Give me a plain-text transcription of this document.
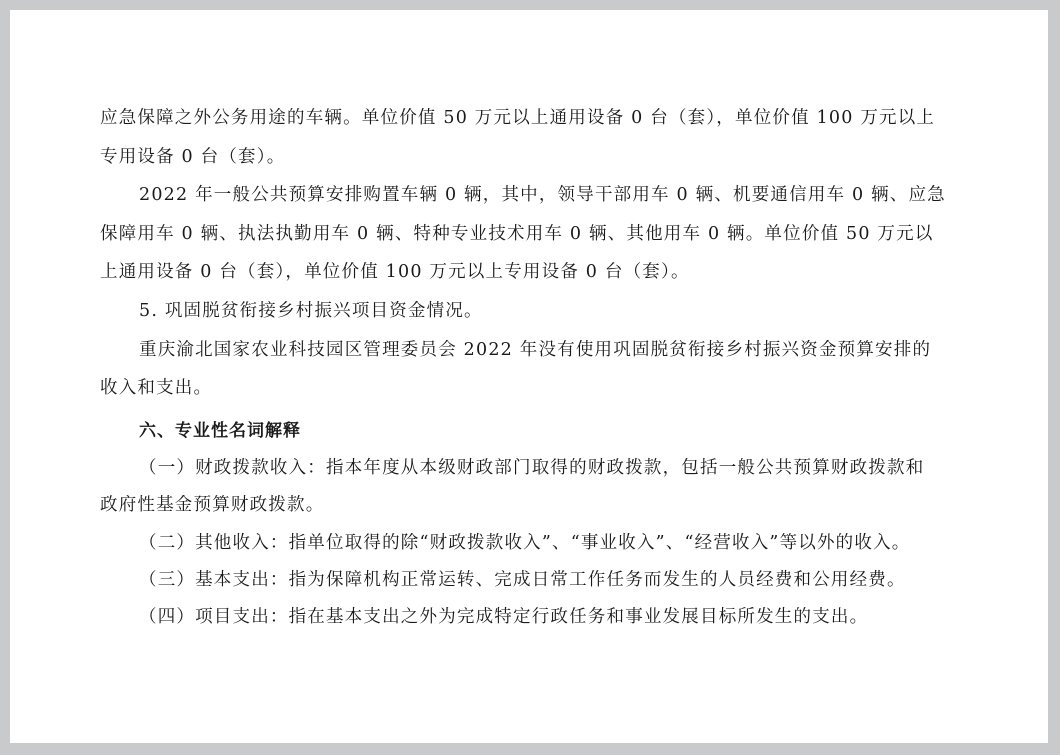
应急保障之外公务用途的车辆。单位价值 50 万元以上通用设备 0 台（套），单位价值 100 万元以上
专用设备 0 台（套）。
2022 年一般公共预算安排购置车辆 0 辆，其中，领导干部用车 0 辆、机要通信用车 0 辆、应急
保障用车 0 辆、执法执勤用车 0 辆、特种专业技术用车 0 辆、其他用车 0 辆。单位价值 50 万元以
上通用设备 0 台（套），单位价值 100 万元以上专用设备 0 台（套）。
5. 巩固脱贫衔接乡村振兴项目资金情况。
重庆渝北国家农业科技园区管理委员会 2022 年没有使用巩固脱贫衔接乡村振兴资金预算安排的
收入和支出。
六、专业性名词解释
（一）财政拨款收入：指本年度从本级财政部门取得的财政拨款，包括一般公共预算财政拨款和
政府性基金预算财政拨款。
（二）其他收入：指单位取得的除“财政拨款收入”、“事业收入”、“经营收入”等以外的收入。
（三）基本支出：指为保障机构正常运转、完成日常工作任务而发生的人员经费和公用经费。
（四）项目支出：指在基本支出之外为完成特定行政任务和事业发展目标所发生的支出。
